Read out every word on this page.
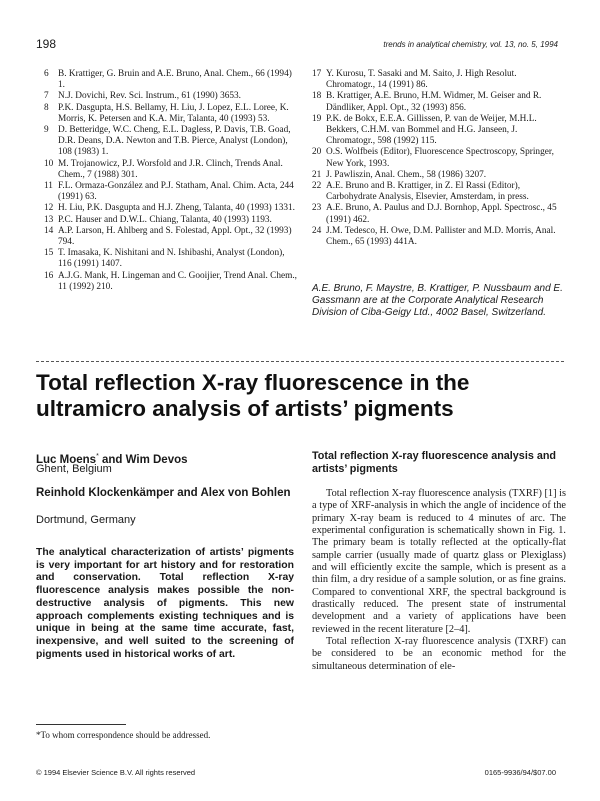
198	trends in analytical chemistry, vol. 13, no. 5, 1994
6	B. Krattiger, G. Bruin and A.E. Bruno, Anal. Chem., 66 (1994) 1.
7	N.J. Dovichi, Rev. Sci. Instrum., 61 (1990) 3653.
8	P.K. Dasgupta, H.S. Bellamy, H. Liu, J. Lopez, E.L. Loree, K. Morris, K. Petersen and K.A. Mir, Talanta, 40 (1993) 53.
9	D. Betteridge, W.C. Cheng, E.L. Dagless, P. Davis, T.B. Goad, D.R. Deans, D.A. Newton and T.B. Pierce, Analyst (London), 108 (1983) 1.
10 M. Trojanowicz, P.J. Worsfold and J.R. Clinch, Trends Anal. Chem., 7 (1988) 301.
11 F.L. Ormaza-González and P.J. Statham, Anal. Chim. Acta, 244 (1991) 63.
12 H. Liu, P.K. Dasgupta and H.J. Zheng, Talanta, 40 (1993) 1331.
13 P.C. Hauser and D.W.L. Chiang, Talanta, 40 (1993) 1193.
14 A.P. Larson, H. Ahlberg and S. Folestad, Appl. Opt., 32 (1993) 794.
15 T. Imasaka, K. Nishitani and N. Ishibashi, Analyst (London), 116 (1991) 1407.
16 A.J.G. Mank, H. Lingeman and C. Gooijier, Trend Anal. Chem., 11 (1992) 210.
17 Y. Kurosu, T. Sasaki and M. Saito, J. High Resolut. Chromatogr., 14 (1991) 86.
18 B. Krattiger, A.E. Bruno, H.M. Widmer, M. Geiser and R. Dändliker, Appl. Opt., 32 (1993) 856.
19 P.K. de Bokx, E.E.A. Gillissen, P. van de Weijer, M.H.L. Bekkers, C.H.M. van Bommel and H.G. Janseen, J. Chromatogr., 598 (1992) 115.
20 O.S. Wolfbeis (Editor), Fluorescence Spectroscopy, Springer, New York, 1993.
21 J. Pawliszin, Anal. Chem., 58 (1986) 3207.
22 A.E. Bruno and B. Krattiger, in Z. El Rassi (Editor), Carbohydrate Analysis, Elsevier, Amsterdam, in press.
23 A.E. Bruno, A. Paulus and D.J. Bornhop, Appl. Spectrosc., 45 (1991) 462.
24 J.M. Tedesco, H. Owe, D.M. Pallister and M.D. Morris, Anal. Chem., 65 (1993) 441A.
A.E. Bruno, F. Maystre, B. Krattiger, P. Nussbaum and E. Gassmann are at the Corporate Analytical Research Division of Ciba-Geigy Ltd., 4002 Basel, Switzerland.
Total reflection X-ray fluorescence in the ultramicro analysis of artists’ pigments
Luc Moens* and Wim Devos
Ghent, Belgium
Reinhold Klockenkämper and Alex von Bohlen
Dortmund, Germany
The analytical characterization of artists’ pigments is very important for art history and for restoration and conservation. Total reflection X-ray fluorescence analysis makes possible the non-destructive analysis of pigments. This new approach complements existing techniques and is unique in being at the same time accurate, fast, inexpensive, and well suited to the screening of pigments used in historical works of art.
*To whom correspondence should be addressed.
Total reflection X-ray fluorescence analysis and artists’ pigments

Total reflection X-ray fluorescence analysis (TXRF) [1] is a type of XRF-analysis in which the angle of incidence of the primary X-ray beam is reduced to 4 minutes of arc. The experimental configuration is schematically shown in Fig. 1. The primary beam is totally reflected at the optically-flat sample carrier (usually made of quartz glass or Plexiglass) and will efficiently excite the sample, which is present as a thin film, a dry residue of a sample solution, or as fine grains. Compared to conventional XRF, the spectral background is drastically reduced. The present state of instrumental development and a variety of applications have been reviewed in the recent literature [2–4].

Total reflection X-ray fluorescence analysis (TXRF) can be considered to be an economic method for the simultaneous determination of ele-

© 1994 Elsevier Science B.V. All rights reserved	0165-9936/94/$07.00
